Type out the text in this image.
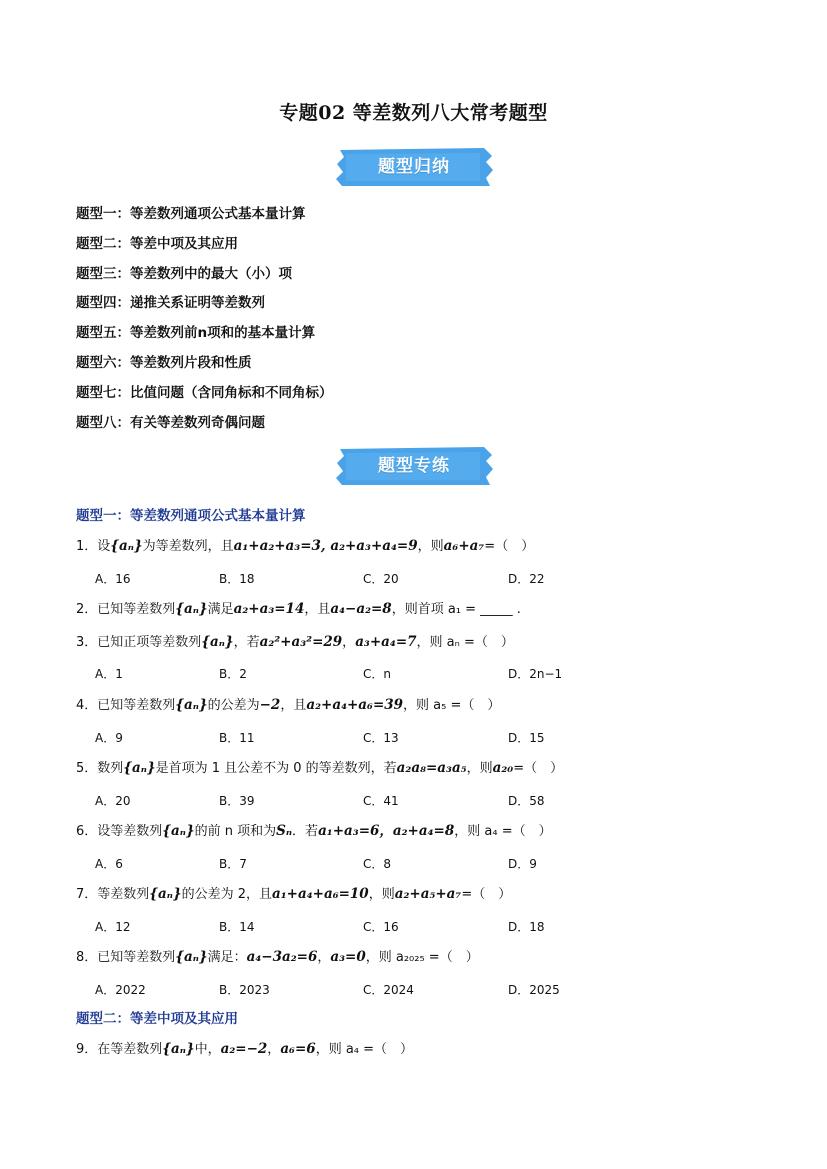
专题02 等差数列八大常考题型
题型归纳
题型一：等差数列通项公式基本量计算
题型二：等差中项及其应用
题型三：等差数列中的最大（小）项
题型四：递推关系证明等差数列
题型五：等差数列前n项和的基本量计算
题型六：等差数列片段和性质
题型七：比值问题（含同角标和不同角标）
题型八：有关等差数列奇偶问题
题型专练
题型一：等差数列通项公式基本量计算
1．设{aₙ}为等差数列，且a₁+a₂+a₃=3, a₂+a₃+a₄=9，则a₆+a₇=（　）
A．16	B．18	C．20	D．22
2．已知等差数列{aₙ}满足a₂+a₃=14，且a₄−a₂=8，则首项 a₁ = _____ .
3．已知正项等差数列{aₙ}，若a₂²+a₃²=29，a₃+a₄=7，则 aₙ =（　）
A．1	B．2	C．n	D．2n−1
4．已知等差数列{aₙ}的公差为−2，且a₂+a₄+a₆=39，则 a₅ =（　）
A．9	B．11	C．13	D．15
5．数列{aₙ}是首项为 1 且公差不为 0 的等差数列，若a₂a₈=a₃a₅，则a₂₀=（　）
A．20	B．39	C．41	D．58
6．设等差数列{aₙ}的前 n 项和为Sₙ．若a₁+a₃=6，a₂+a₄=8，则 a₄ =（　）
A．6	B．7	C．8	D．9
7．等差数列{aₙ}的公差为 2，且a₁+a₄+a₆=10，则a₂+a₅+a₇=（　）
A．12	B．14	C．16	D．18
8．已知等差数列{aₙ}满足：a₄−3a₂=6，a₃=0，则 a₂₀₂₅ =（　）
A．2022	B．2023	C．2024	D．2025
题型二：等差中项及其应用
9．在等差数列{aₙ}中，a₂=−2，a₆=6，则 a₄ =（　）
